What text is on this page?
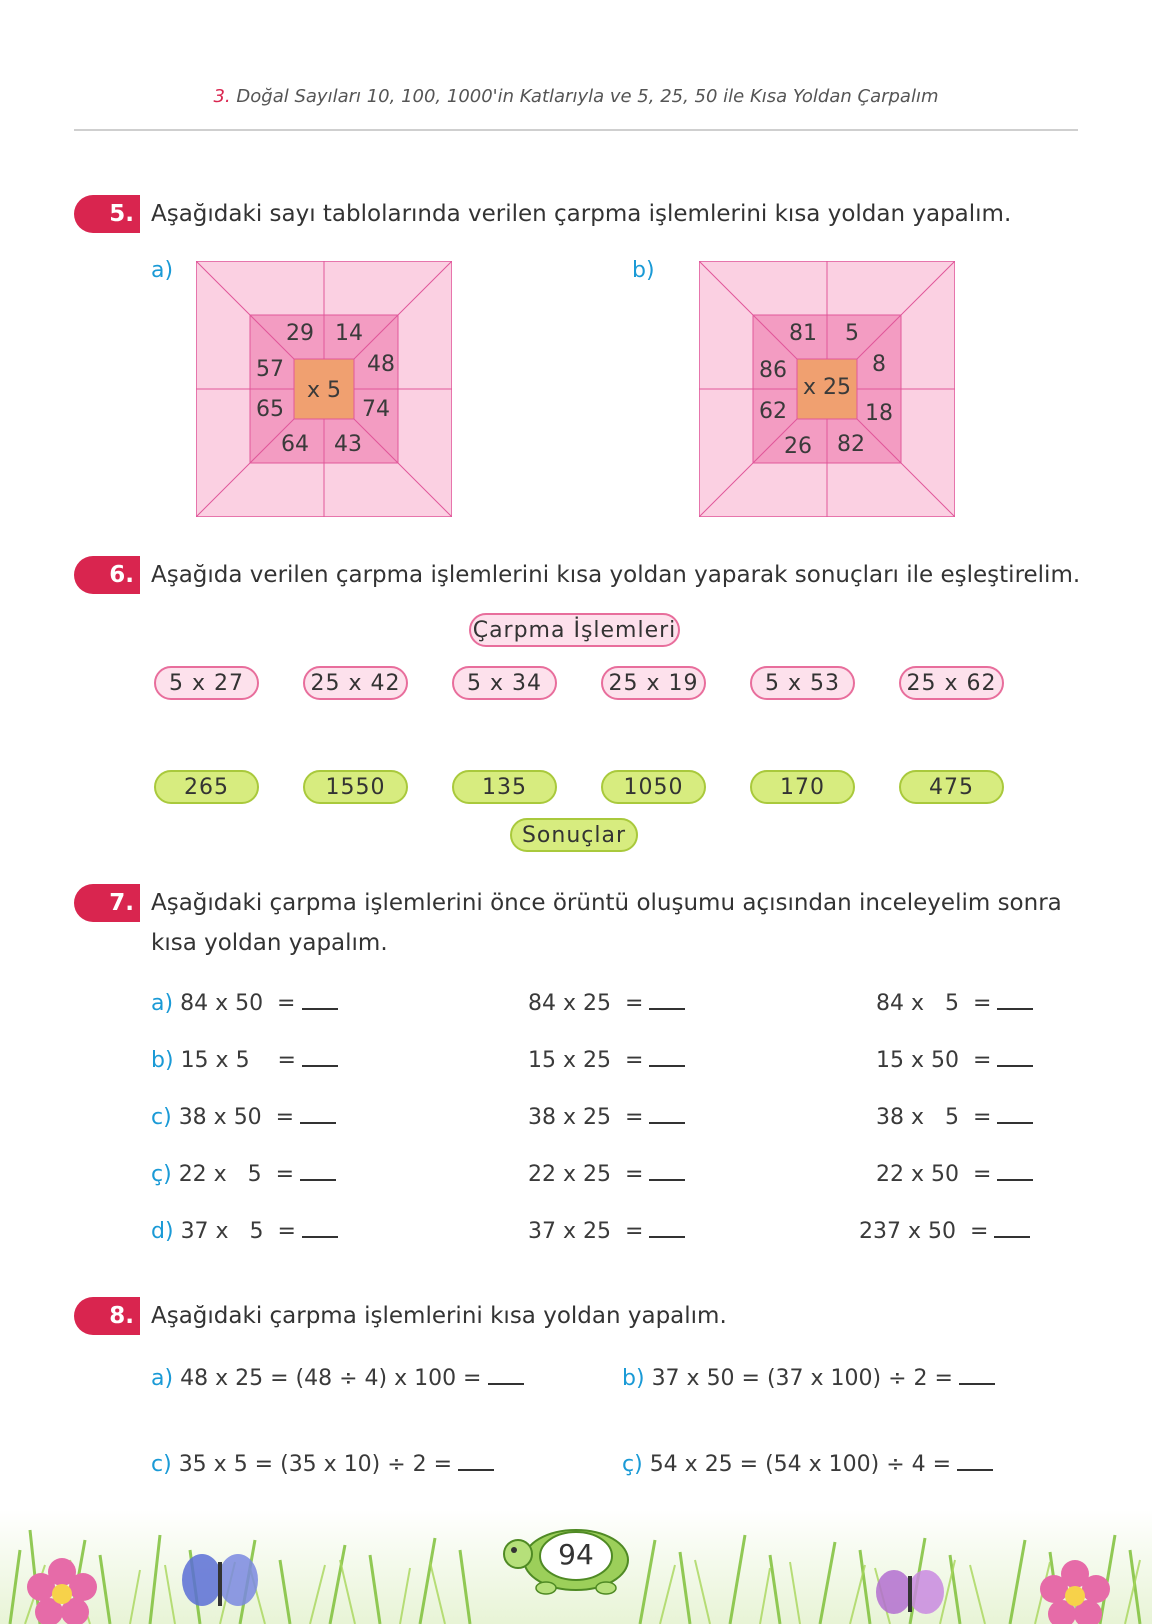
3. Doğal Sayıları 10, 100, 1000'in Katlarıyla ve 5, 25, 50 ile Kısa Yoldan Çarpalım
5. Aşağıdaki sayı tablolarında verilen çarpma işlemlerini kısa yoldan yapalım.
a)
x 5
29 14
48
74
43
64
65
57
b)
x 25
81 5
8
18
82
26
62
86
6. Aşağıda verilen çarpma işlemlerini kısa yoldan yaparak sonuçları ile eşleştirelim.
Çarpma İşlemleri
5 x 27	25 x 42	5 x 34	25 x 19	5 x 53	25 x 62
265	1550	135	1050	170	475
Sonuçlar
7. Aşağıdaki çarpma işlemlerini önce örüntü oluşumu açısından inceleyelim sonra
kısa yoldan yapalım.
a) 84 x 50  =	84 x 25  =	84 x   5  =
b) 15 x 5    =	15 x 25  =	15 x 50  =
c) 38 x 50  =	38 x 25  =	38 x   5  =
ç) 22 x   5  =	22 x 25  =	22 x 50  =
d) 37 x   5  =	37 x 25  =	237 x 50  =
8. Aşağıdaki çarpma işlemlerini kısa yoldan yapalım.
a) 48 x 25 = (48 ÷ 4) x 100 =	b) 37 x 50 = (37 x 100) ÷ 2 =
c) 35 x 5 = (35 x 10) ÷ 2 =	ç) 54 x 25 = (54 x 100) ÷ 4 =
94
